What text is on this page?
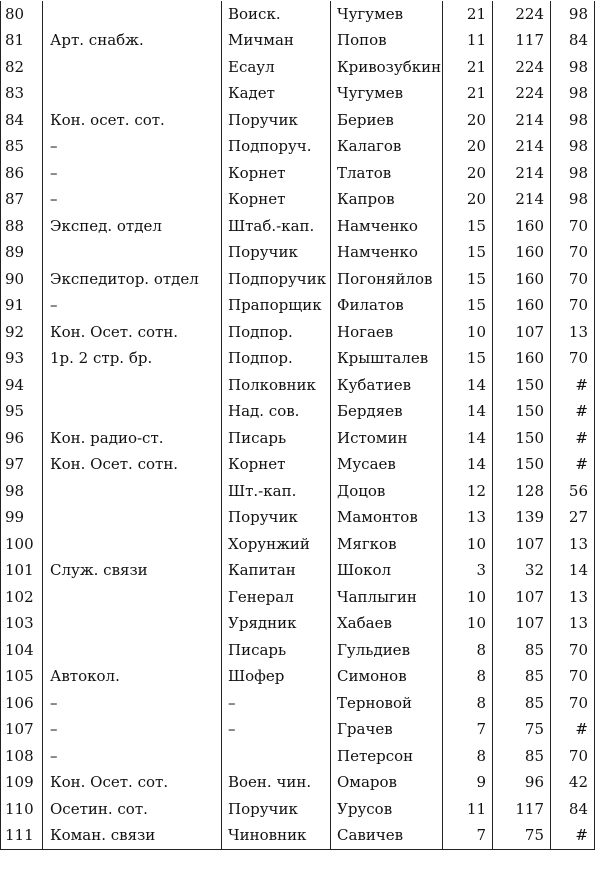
80		Воиск.	Чугумев	21	224	98
81	Арт. снабж.	Мичман	Попов	11	117	84
82		Есаул	Кривозубкин	21	224	98
83		Кадет	Чугумев	21	224	98
84	Кон. осет. сот.	Поручик	Бериев	20	214	98
85	–	Подпоруч.	Калагов	20	214	98
86	–	Корнет	Тлатов	20	214	98
87	–	Корнет	Капров	20	214	98
88	Экспед. отдел	Штаб.-кап.	Намченко	15	160	70
89		Поручик	Намченко	15	160	70
90	Экспедитор. отдел	Подпоручик	Погоняйлов	15	160	70
91	–	Прапорщик	Филатов	15	160	70
92	Кон. Осет. сотн.	Подпор.	Ногаев	10	107	13
93	1р. 2 стр. бр.	Подпор.	Крышталев	15	160	70
94		Полковник	Кубатиев	14	150	#
95		Над. сов.	Бердяев	14	150	#
96	Кон. радио-ст.	Писарь	Истомин	14	150	#
97	Кон. Осет. сотн.	Корнет	Мусаев	14	150	#
98		Шт.-кап.	Доцов	12	128	56
99		Поручик	Мамонтов	13	139	27
100		Хорунжий	Мягков	10	107	13
101	Служ. связи	Капитан	Шокол	3	32	14
102		Генерал	Чаплыгин	10	107	13
103		Урядник	Хабаев	10	107	13
104		Писарь	Гульдиев	8	85	70
105	Автокол.	Шофер	Симонов	8	85	70
106	–	–	Терновой	8	85	70
107	–	–	Грачев	7	75	#
108	–		Петерсон	8	85	70
109	Кон. Осет. сот.	Воен. чин.	Омаров	9	96	42
110	Осетин. сот.	Поручик	Урусов	11	117	84
111	Коман. связи	Чиновник	Савичев	7	75	#
